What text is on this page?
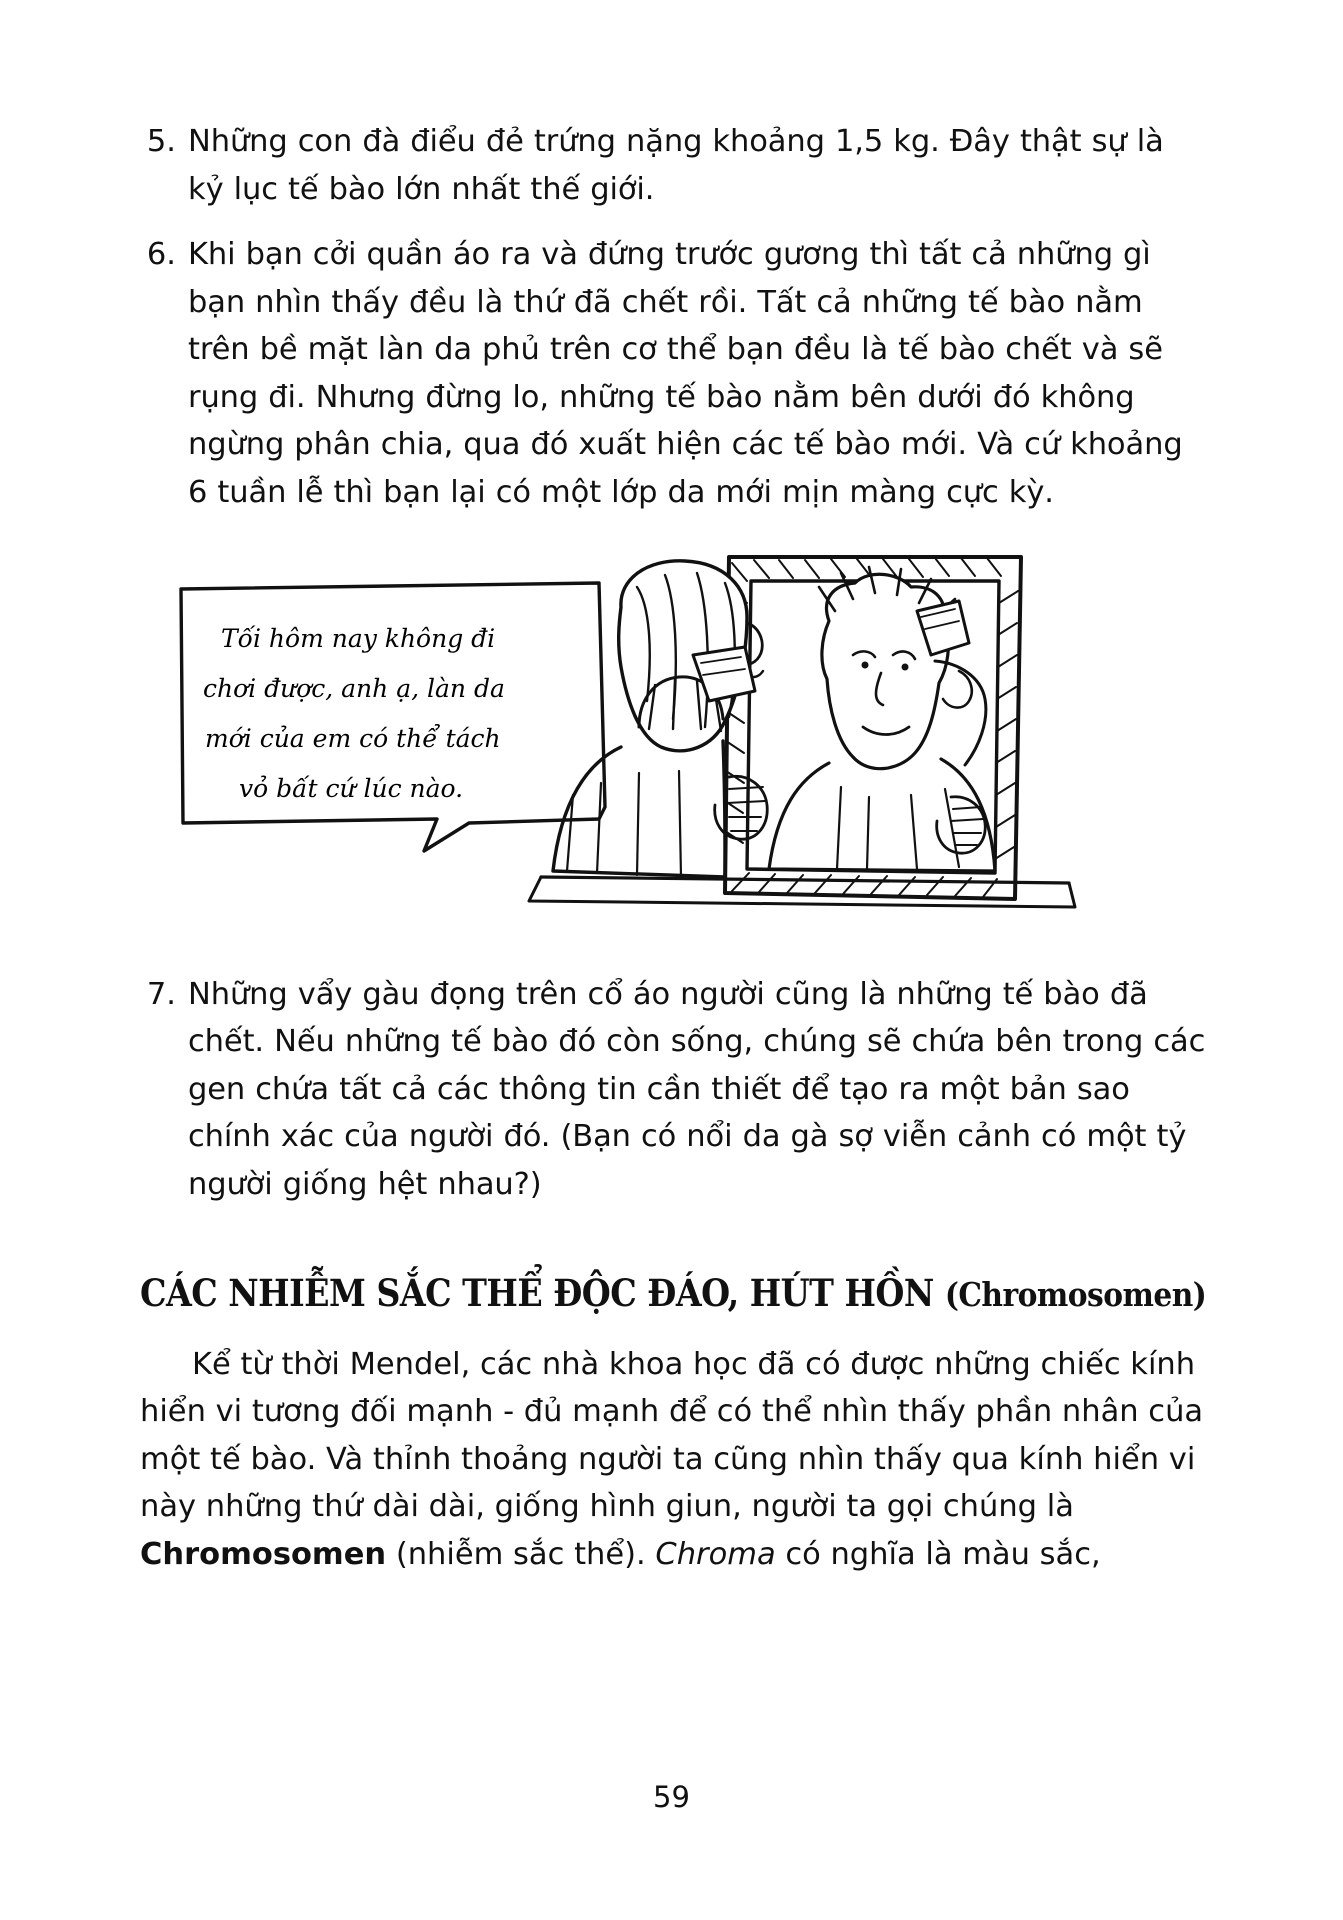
5. Những con đà điểu đẻ trứng nặng khoảng 1,5 kg. Đây thật sự là kỷ lục tế bào lớn nhất thế giới.
6. Khi bạn cởi quần áo ra và đứng trước gương thì tất cả những gì bạn nhìn thấy đều là thứ đã chết rồi. Tất cả những tế bào nằm trên bề mặt làn da phủ trên cơ thể bạn đều là tế bào chết và sẽ rụng đi. Nhưng đừng lo, những tế bào nằm bên dưới đó không ngừng phân chia, qua đó xuất hiện các tế bào mới. Và cứ khoảng 6 tuần lễ thì bạn lại có một lớp da mới mịn màng cực kỳ.
Tối hôm nay không đi
chơi được, anh ạ, làn da
mới của em có thể tách
vỏ bất cứ lúc nào.
7. Những vẩy gàu đọng trên cổ áo người cũng là những tế bào đã chết. Nếu những tế bào đó còn sống, chúng sẽ chứa bên trong các gen chứa tất cả các thông tin cần thiết để tạo ra một bản sao chính xác của người đó. (Bạn có nổi da gà sợ viễn cảnh có một tỷ người giống hệt nhau?)
CÁC NHIỄM SẮC THỂ ĐỘC ĐÁO, HÚT HỒN (Chromosomen)

Kể từ thời Mendel, các nhà khoa học đã có được những chiếc kính hiển vi tương đối mạnh - đủ mạnh để có thể nhìn thấy phần nhân của một tế bào. Và thỉnh thoảng người ta cũng nhìn thấy qua kính hiển vi này những thứ dài dài, giống hình giun, người ta gọi chúng là Chromosomen (nhiễm sắc thể). Chroma có nghĩa là màu sắc,

59
